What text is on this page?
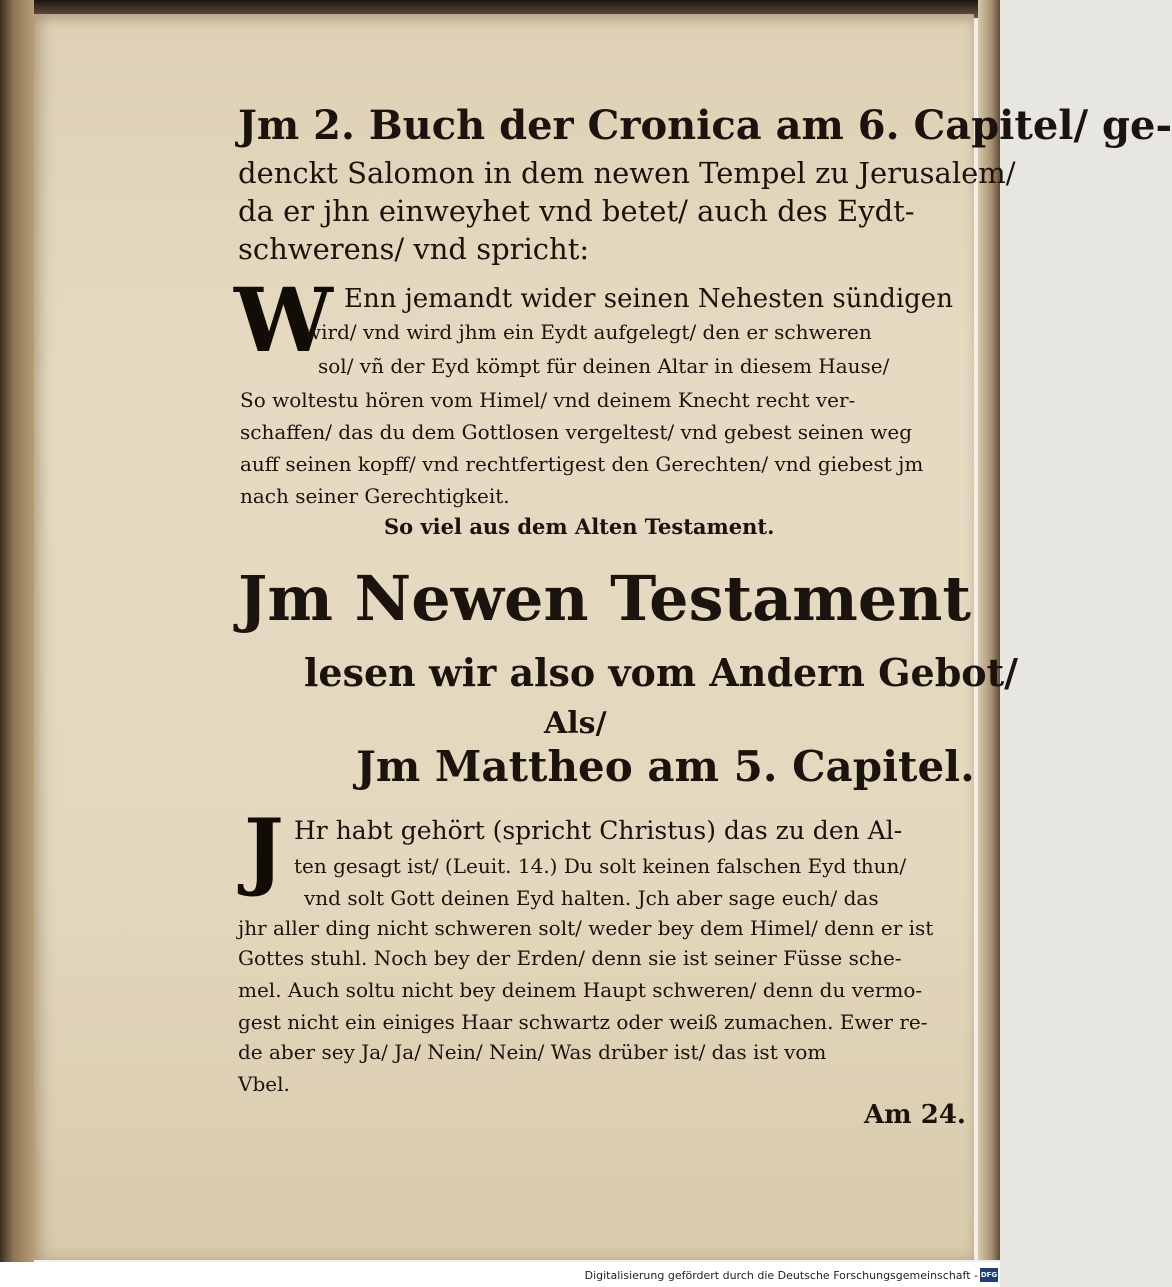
Jm 2. Buch der Cronica am 6. Capitel/ ge-
denckt Salomon in dem newen Tempel zu Jerusalem/
da er jhn einweyhet vnd betet/ auch des Eydt-
schwerens/ vnd spricht:
W Enn jemandt wider seinen Nehesten sündigen
wird/ vnd wird jhm ein Eydt aufgelegt/ den er schweren
sol/ vñ der Eyd kömpt für deinen Altar in diesem Hause/
So woltestu hören vom Himel/ vnd deinem Knecht recht ver-
schaffen/ das du dem Gottlosen vergeltest/ vnd gebest seinen weg
auff seinen kopff/ vnd rechtfertigest den Gerechten/ vnd giebest jm
nach seiner Gerechtigkeit.
So viel aus dem Alten Testament.
Jm Newen Testament
lesen wir also vom Andern Gebot/
Als/
Jm Mattheo am 5. Capitel.
J Hr habt gehört (spricht Christus) das zu den Al-
ten gesagt ist/ (Leuit. 14.) Du solt keinen falschen Eyd thun/
vnd solt Gott deinen Eyd halten. Jch aber sage euch/ das
jhr aller ding nicht schweren solt/ weder bey dem Himel/ denn er ist
Gottes stuhl. Noch bey der Erden/ denn sie ist seiner Füsse sche-
mel. Auch soltu nicht bey deinem Haupt schweren/ denn du vermo-
gest nicht ein einiges Haar schwartz oder weiß zumachen. Ewer re-
de aber sey Ja/ Ja/ Nein/ Nein/ Was drüber ist/ das ist vom
Vbel.
Am 24.
Digitalisierung gefördert durch die Deutsche Forschungsgemeinschaft - DFG
